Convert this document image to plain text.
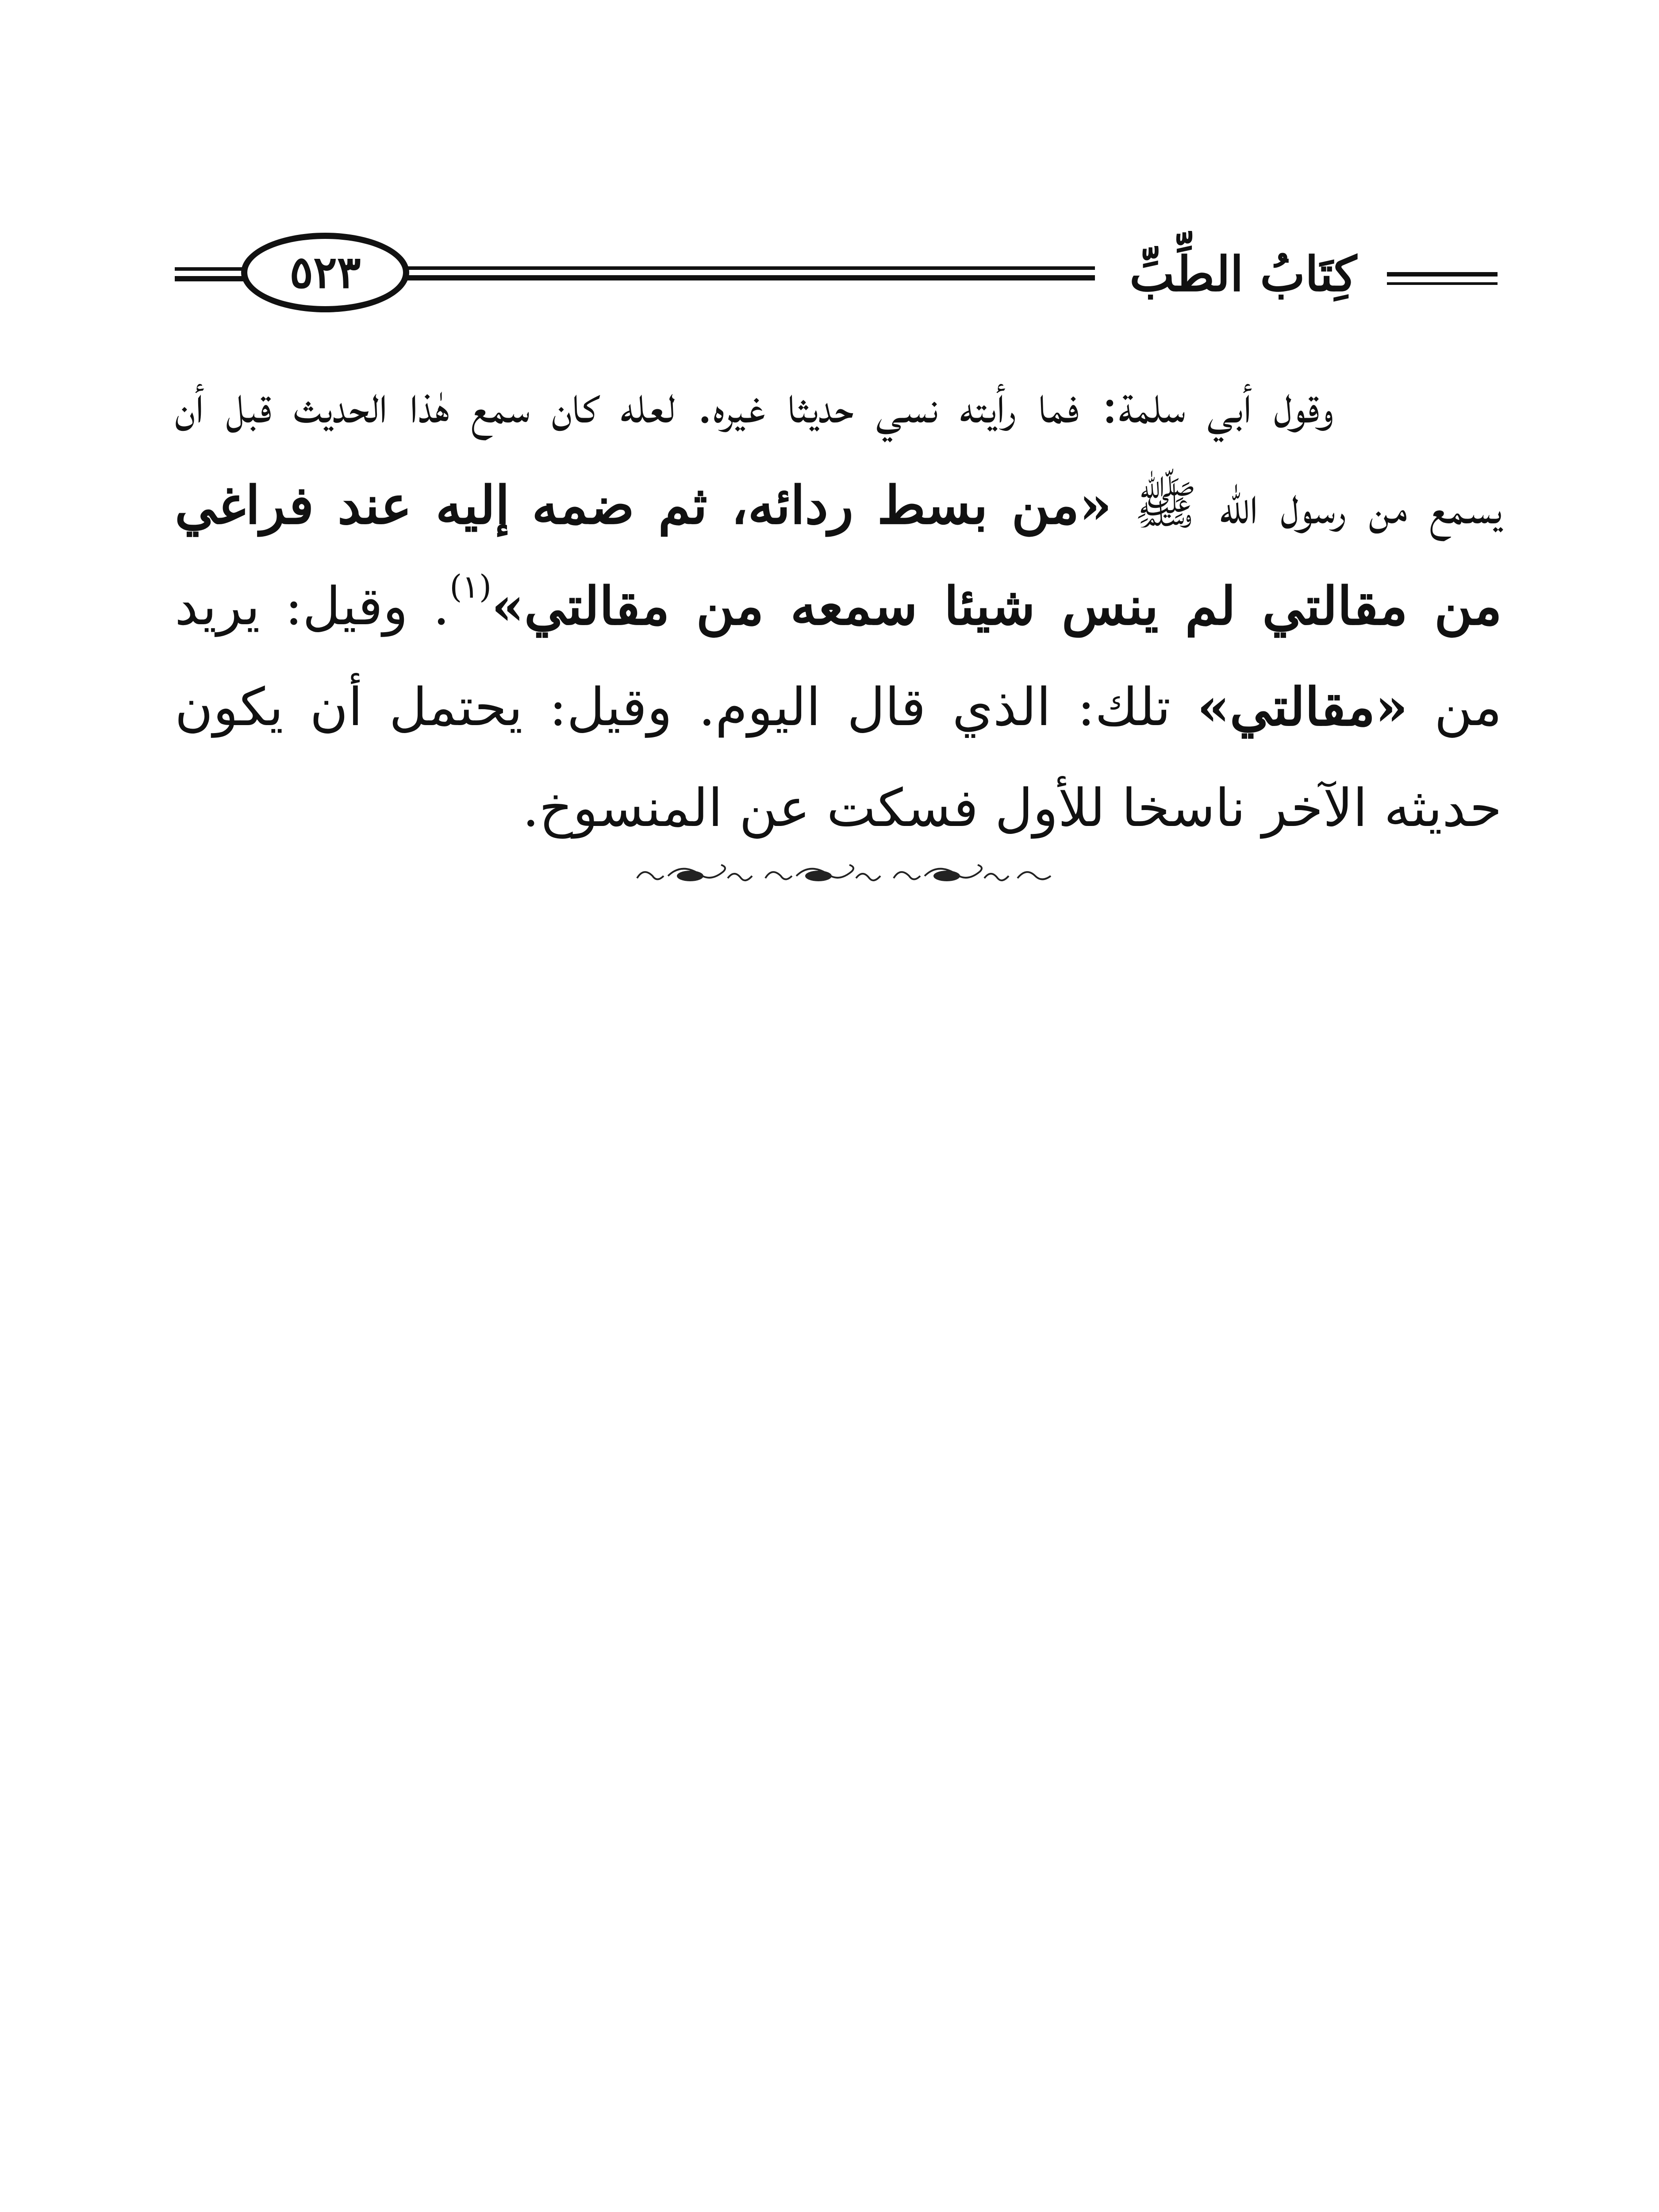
كِتَابُ الطِّبِّ
٥٢٣
وقول أبي سلمة: فما رأيته نسي حديثا غيره. لعله كان سمع هٰذا الحديث قبل أن يسمع من رسول الله ﷺ «من بسط ردائه، ثم ضمه إليه عند فراغي من مقالتي لم ينس شيئا سمعه من مقالتي»$^{(١)}$. وقيل: يريد من «مقالتي» تلك: الذي قال اليوم. وقيل: يحتمل أن يكون حديثه الآخر ناسخا للأول فسكت عن المنسوخ.
